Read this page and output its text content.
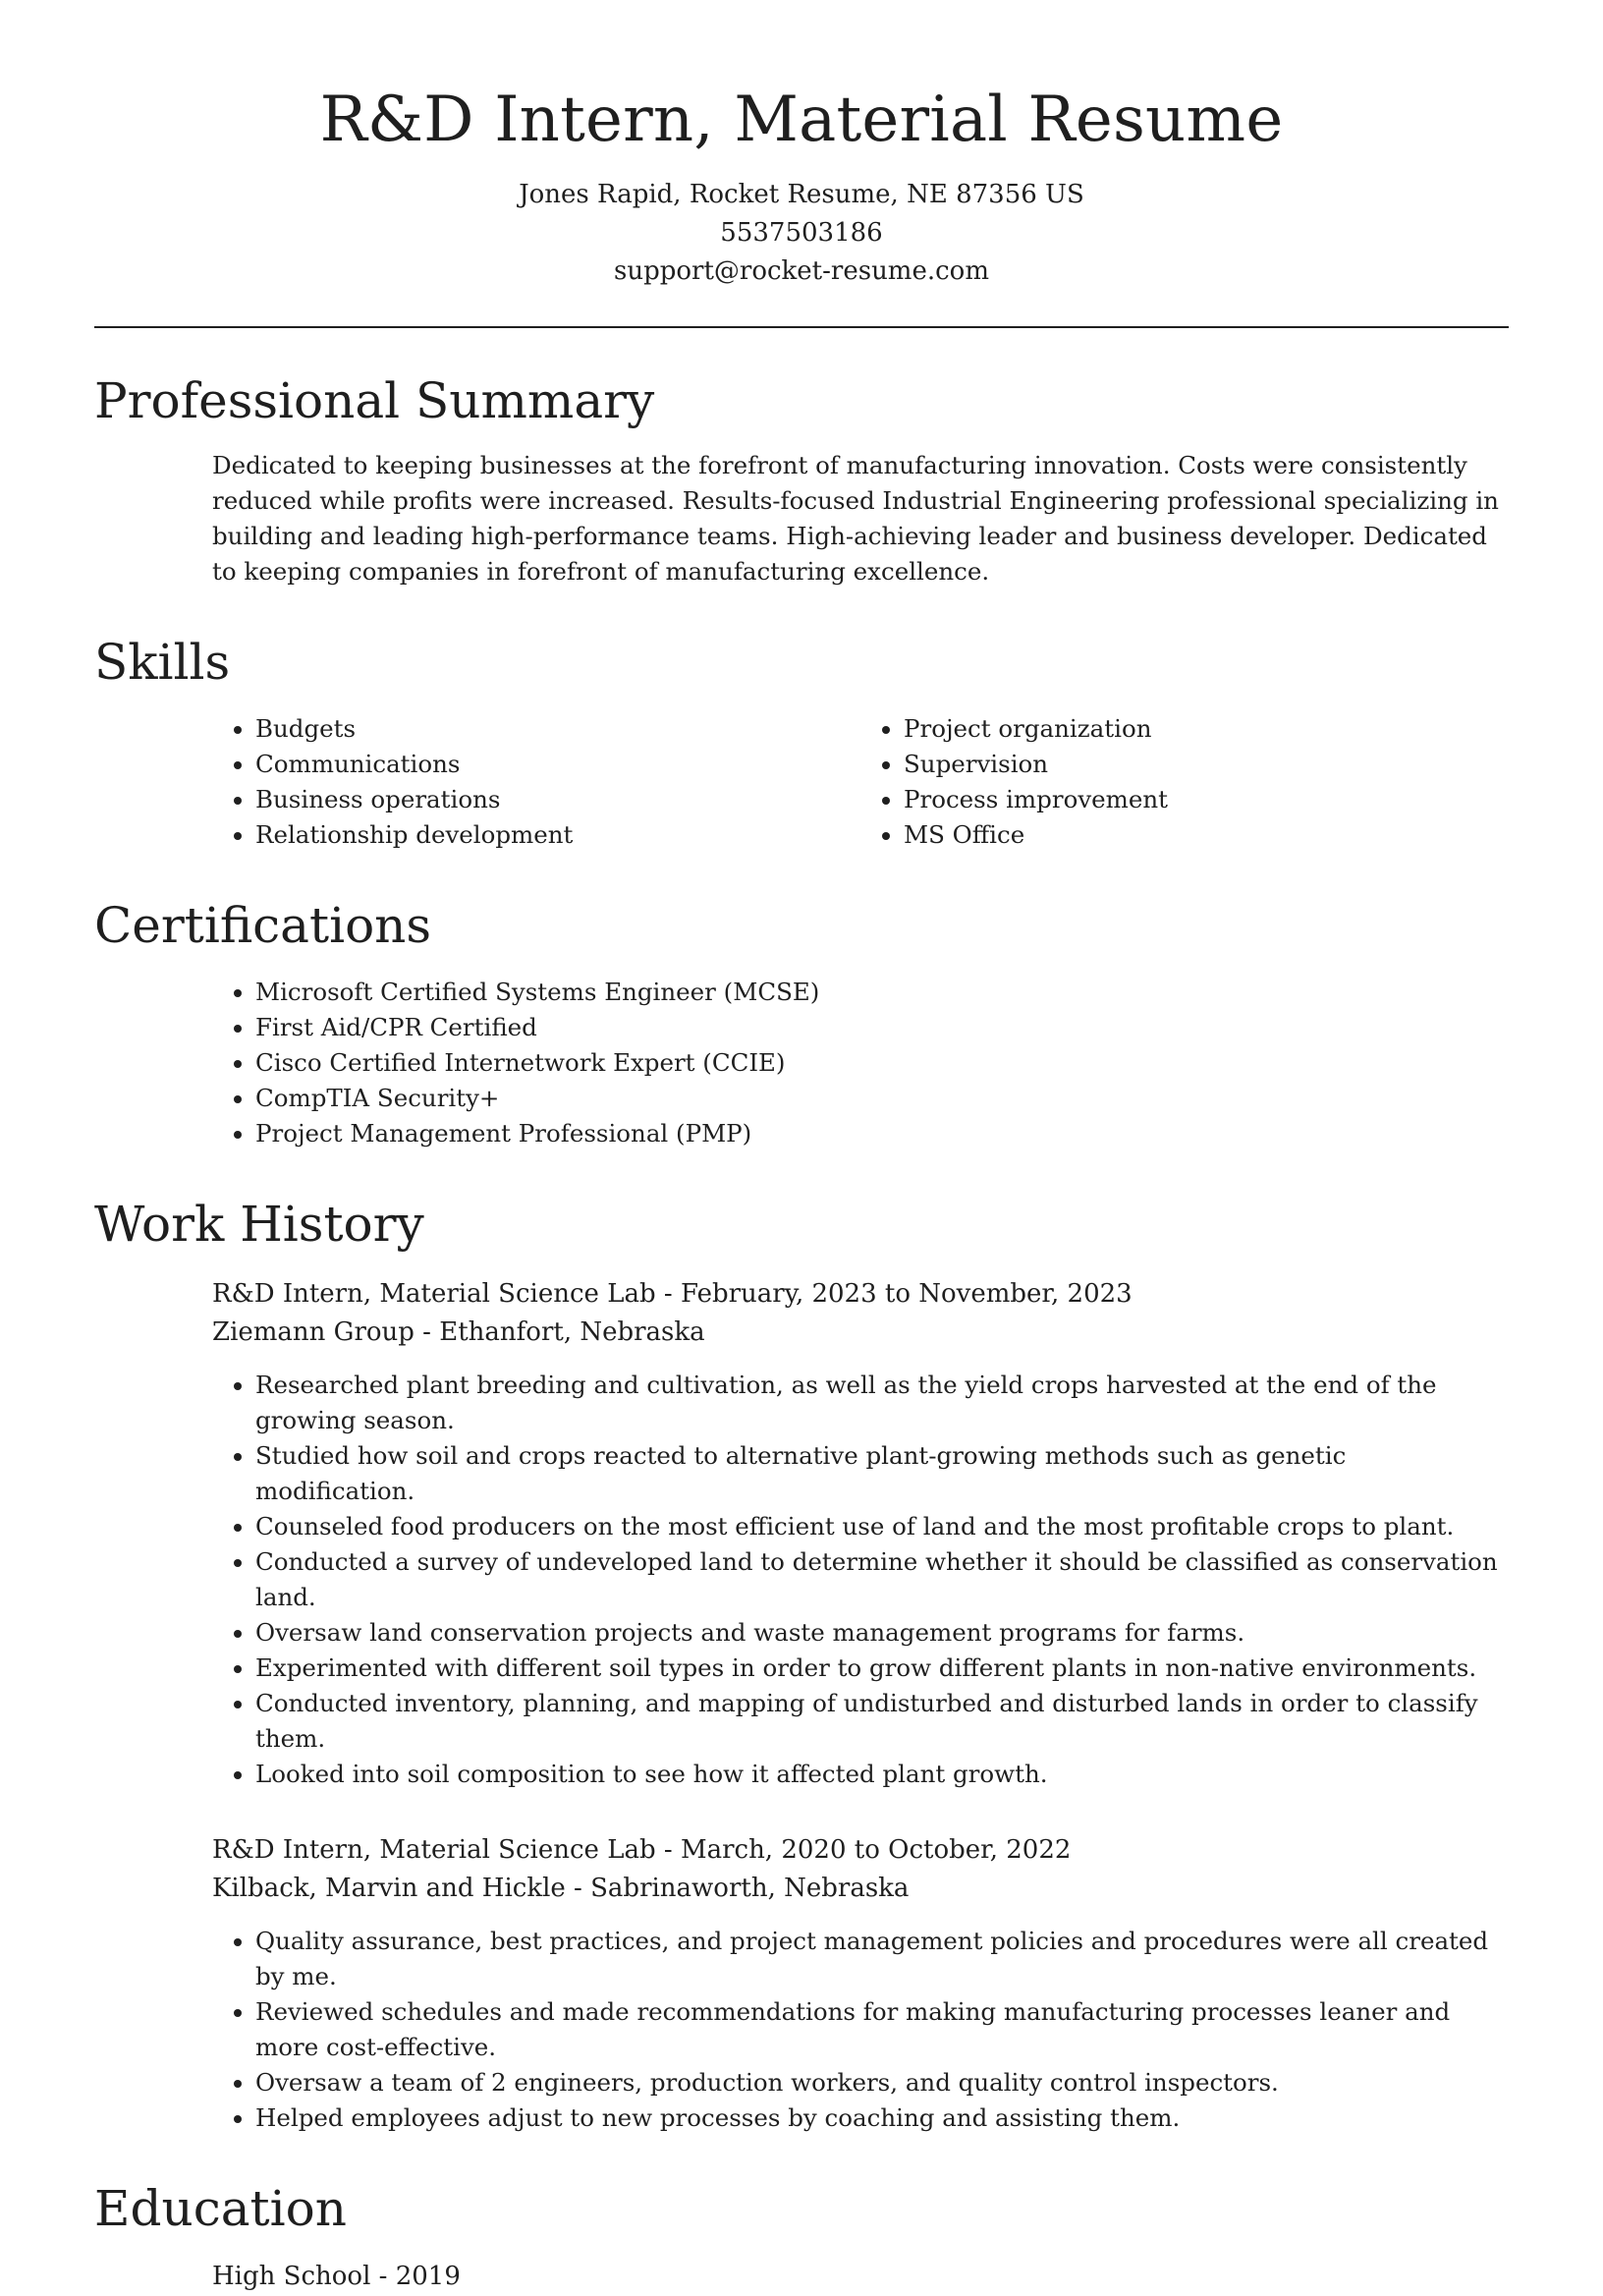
R&D Intern, Material Resume
Jones Rapid, Rocket Resume, NE 87356 US
5537503186
support@rocket-resume.com
Professional Summary
Dedicated to keeping businesses at the forefront of manufacturing innovation. Costs were consistently reduced while profits were increased. Results-focused Industrial Engineering professional specializing in building and leading high-performance teams. High-achieving leader and business developer. Dedicated to keeping companies in forefront of manufacturing excellence.
Skills
• Budgets
• Communications
• Business operations
• Relationship development
• Project organization
• Supervision
• Process improvement
• MS Office
Certifications
• Microsoft Certified Systems Engineer (MCSE)
• First Aid/CPR Certified
• Cisco Certified Internetwork Expert (CCIE)
• CompTIA Security+
• Project Management Professional (PMP)
Work History
R&D Intern, Material Science Lab - February, 2023 to November, 2023
Ziemann Group - Ethanfort, Nebraska
• Researched plant breeding and cultivation, as well as the yield crops harvested at the end of the growing season.
• Studied how soil and crops reacted to alternative plant-growing methods such as genetic modification.
• Counseled food producers on the most efficient use of land and the most profitable crops to plant.
• Conducted a survey of undeveloped land to determine whether it should be classified as conservation land.
• Oversaw land conservation projects and waste management programs for farms.
• Experimented with different soil types in order to grow different plants in non-native environments.
• Conducted inventory, planning, and mapping of undisturbed and disturbed lands in order to classify them.
• Looked into soil composition to see how it affected plant growth.
R&D Intern, Material Science Lab - March, 2020 to October, 2022
Kilback, Marvin and Hickle - Sabrinaworth, Nebraska
• Quality assurance, best practices, and project management policies and procedures were all created by me.
• Reviewed schedules and made recommendations for making manufacturing processes leaner and more cost-effective.
• Oversaw a team of 2 engineers, production workers, and quality control inspectors.
• Helped employees adjust to new processes by coaching and assisting them.
Education
High School - 2019
